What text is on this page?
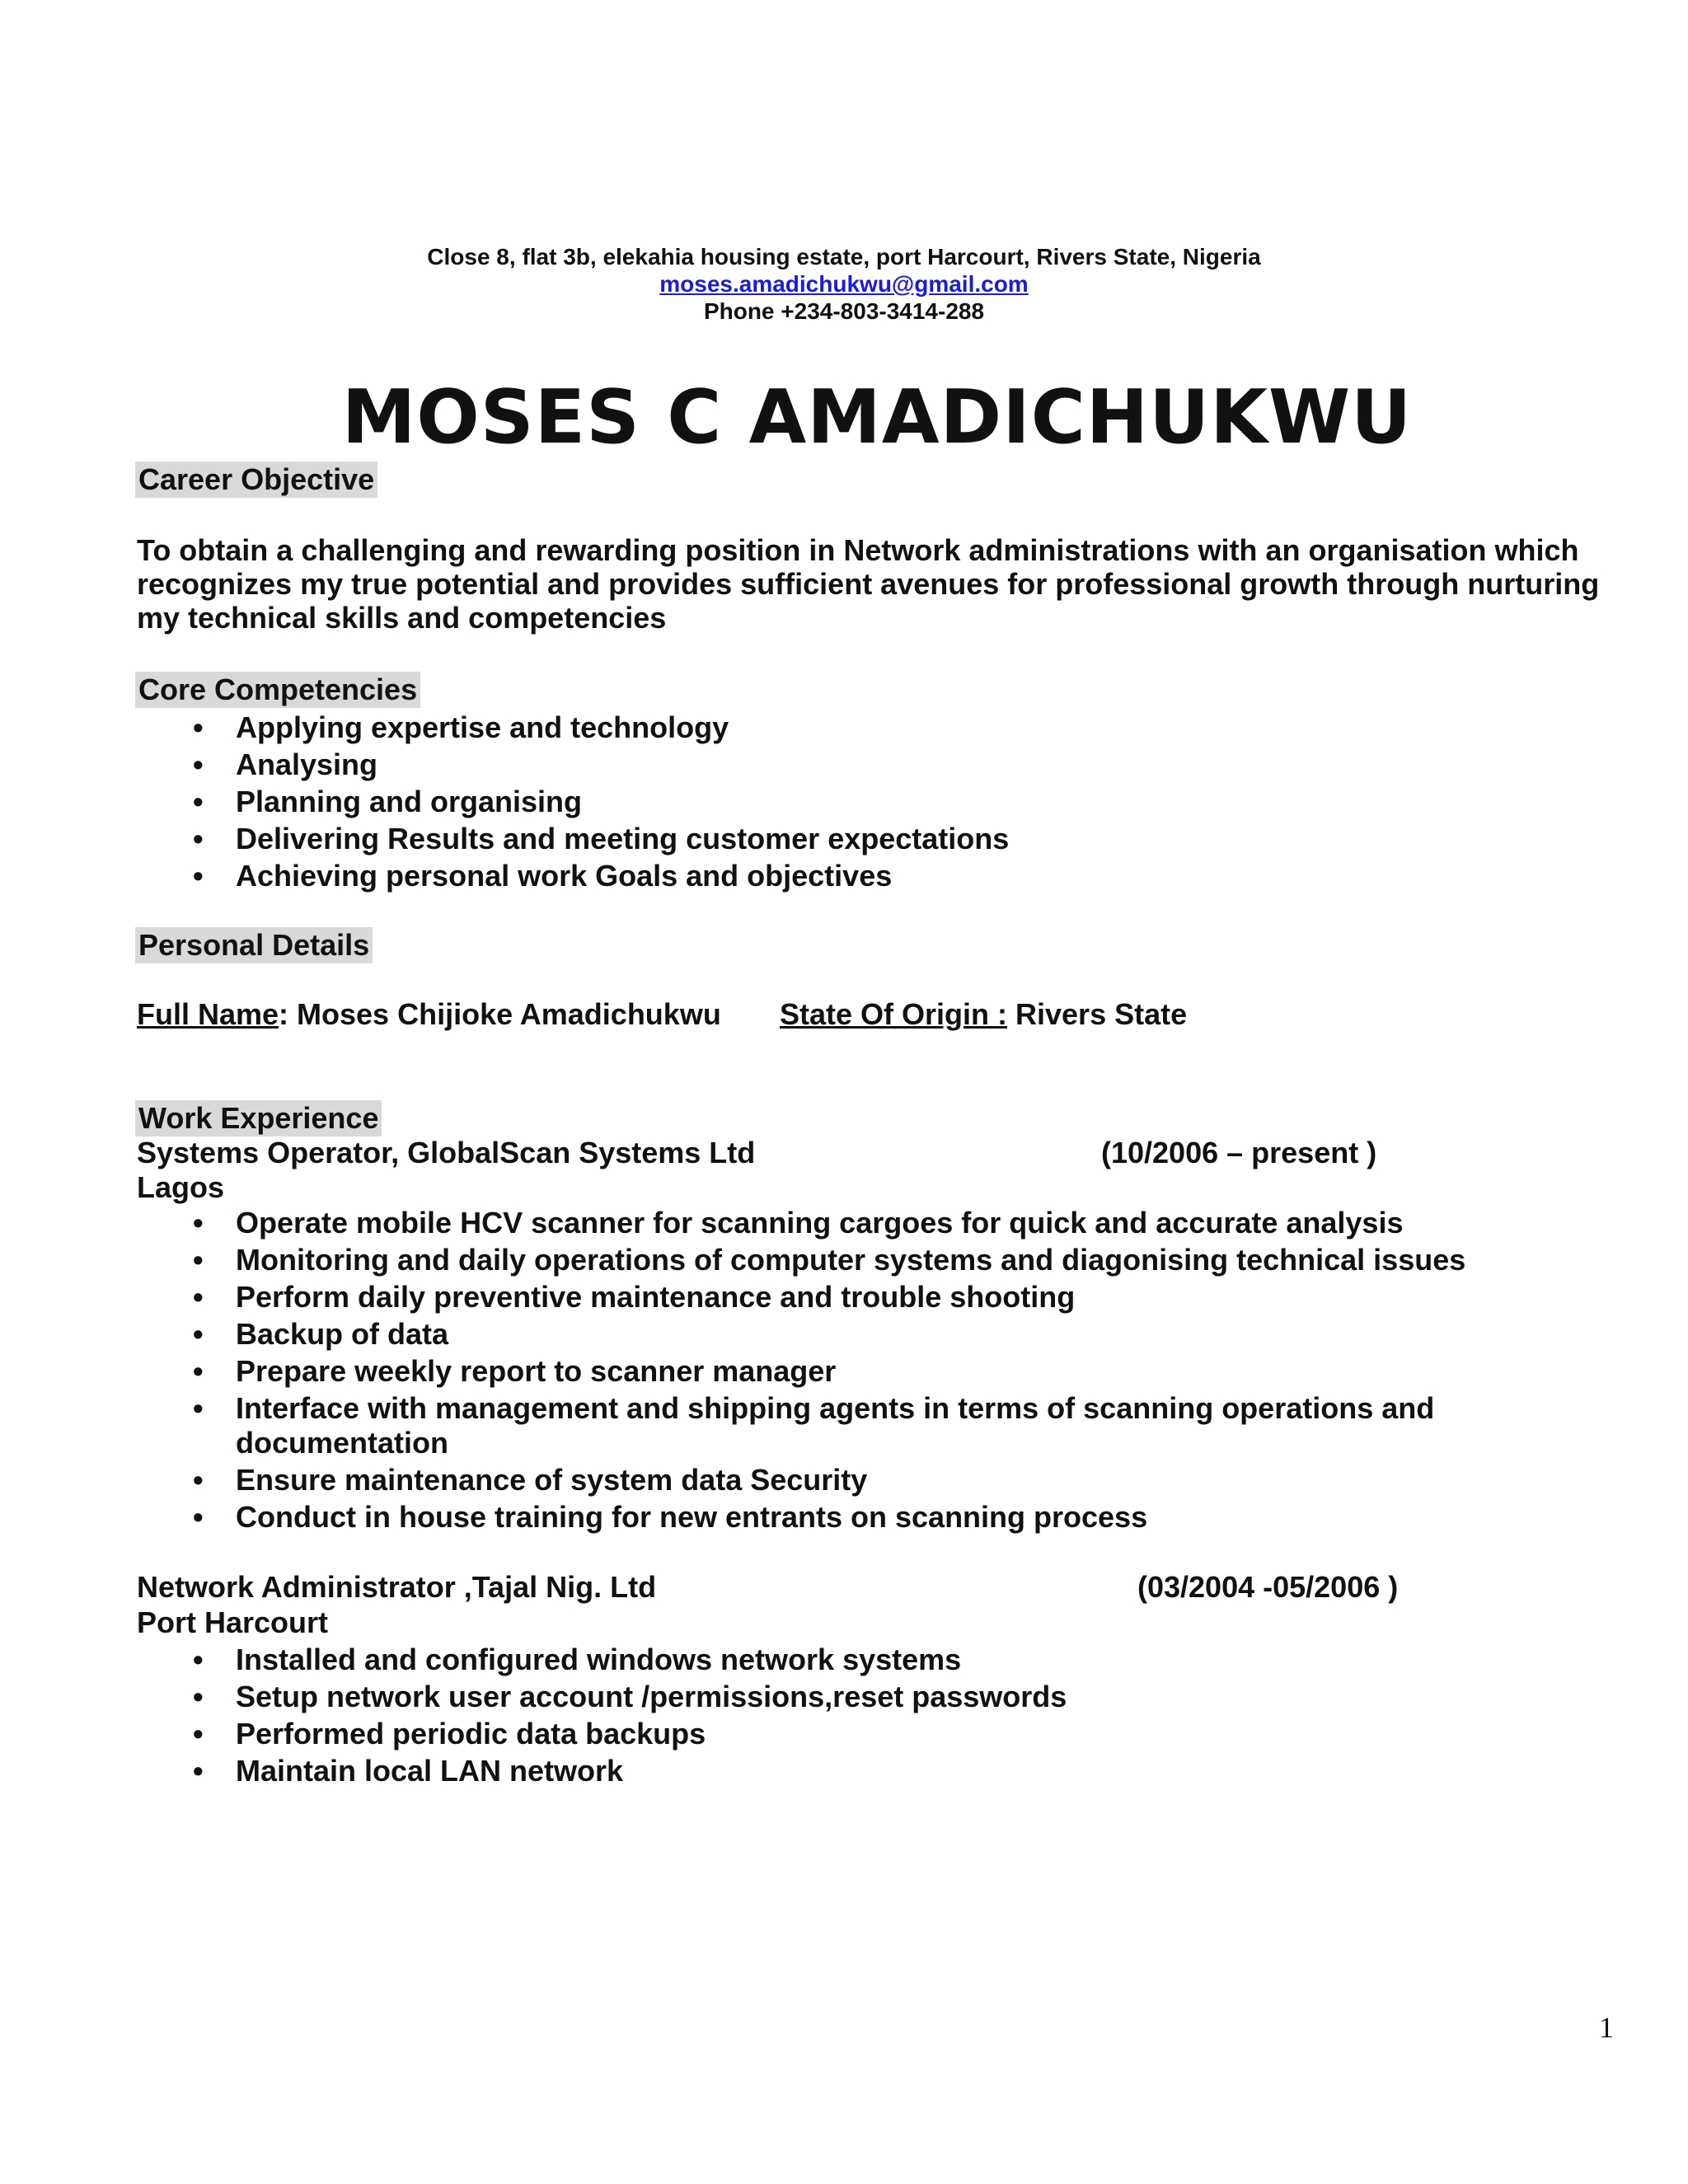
Close 8, flat 3b, elekahia housing estate, port Harcourt, Rivers State, Nigeria
moses.amadichukwu@gmail.com
Phone +234-803-3414-288
MOSES C AMADICHUKWU
Career Objective
To obtain a challenging and rewarding position in Network administrations with an organisation which recognizes my true potential and provides sufficient avenues for professional growth through nurturing my technical skills and competencies
Core Competencies
• Applying expertise and technology
• Analysing
• Planning and organising
• Delivering Results and meeting customer expectations
• Achieving personal work Goals and objectives
Personal Details
Full Name: Moses Chijioke Amadichukwu State Of Origin : Rivers State
Work Experience
Systems Operator, GlobalScan Systems Ltd	(10/2006 – present )
Lagos
• Operate mobile HCV scanner for scanning cargoes for quick and accurate analysis
• Monitoring and daily operations of computer systems and diagonising technical issues
• Perform daily preventive maintenance and trouble shooting
• Backup of data
• Prepare weekly report to scanner manager
• Interface with management and shipping agents in terms of scanning operations and documentation
• Ensure maintenance of system data Security
• Conduct in house training for new entrants on scanning process
Network Administrator ,Tajal Nig. Ltd	(03/2004 -05/2006 )
Port Harcourt
• Installed and configured windows network systems
• Setup network user account /permissions,reset passwords
• Performed periodic data backups
• Maintain local LAN network
1
